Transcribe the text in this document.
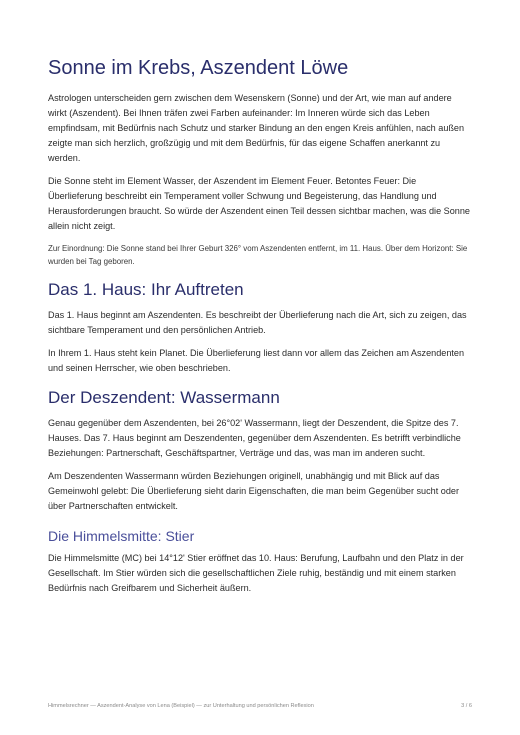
Sonne im Krebs, Aszendent Löwe

Astrologen unterscheiden gern zwischen dem Wesenskern (Sonne) und der Art, wie man auf andere wirkt (Aszendent). Bei Ihnen träfen zwei Farben aufeinander: Im Inneren würde sich das Leben empfindsam, mit Bedürfnis nach Schutz und starker Bindung an den engen Kreis anfühlen, nach außen zeigte man sich herzlich, großzügig und mit dem Bedürfnis, für das eigene Schaffen anerkannt zu werden.

Die Sonne steht im Element Wasser, der Aszendent im Element Feuer. Betontes Feuer: Die Überlieferung beschreibt ein Temperament voller Schwung und Begeisterung, das Handlung und Herausforderungen braucht. So würde der Aszendent einen Teil dessen sichtbar machen, was die Sonne allein nicht zeigt.

Zur Einordnung: Die Sonne stand bei Ihrer Geburt 326° vom Aszendenten entfernt, im 11. Haus. Über dem Horizont: Sie wurden bei Tag geboren.

Das 1. Haus: Ihr Auftreten

Das 1. Haus beginnt am Aszendenten. Es beschreibt der Überlieferung nach die Art, sich zu zeigen, das sichtbare Temperament und den persönlichen Antrieb.

In Ihrem 1. Haus steht kein Planet. Die Überlieferung liest dann vor allem das Zeichen am Aszendenten und seinen Herrscher, wie oben beschrieben.

Der Deszendent: Wassermann

Genau gegenüber dem Aszendenten, bei 26°02' Wassermann, liegt der Deszendent, die Spitze des 7. Hauses. Das 7. Haus beginnt am Deszendenten, gegenüber dem Aszendenten. Es betrifft verbindliche Beziehungen: Partnerschaft, Geschäftspartner, Verträge und das, was man im anderen sucht.

Am Deszendenten Wassermann würden Beziehungen originell, unabhängig und mit Blick auf das Gemeinwohl gelebt: Die Überlieferung sieht darin Eigenschaften, die man beim Gegenüber sucht oder über Partnerschaften entwickelt.

Die Himmelsmitte: Stier

Die Himmelsmitte (MC) bei 14°12' Stier eröffnet das 10. Haus: Berufung, Laufbahn und den Platz in der Gesellschaft. Im Stier würden sich die gesellschaftlichen Ziele ruhig, beständig und mit einem starken Bedürfnis nach Greifbarem und Sicherheit äußern.

Himmelsrechner — Aszendent-Analyse von Lena (Beispiel) — zur Unterhaltung und persönlichen Reflexion	3 / 6
